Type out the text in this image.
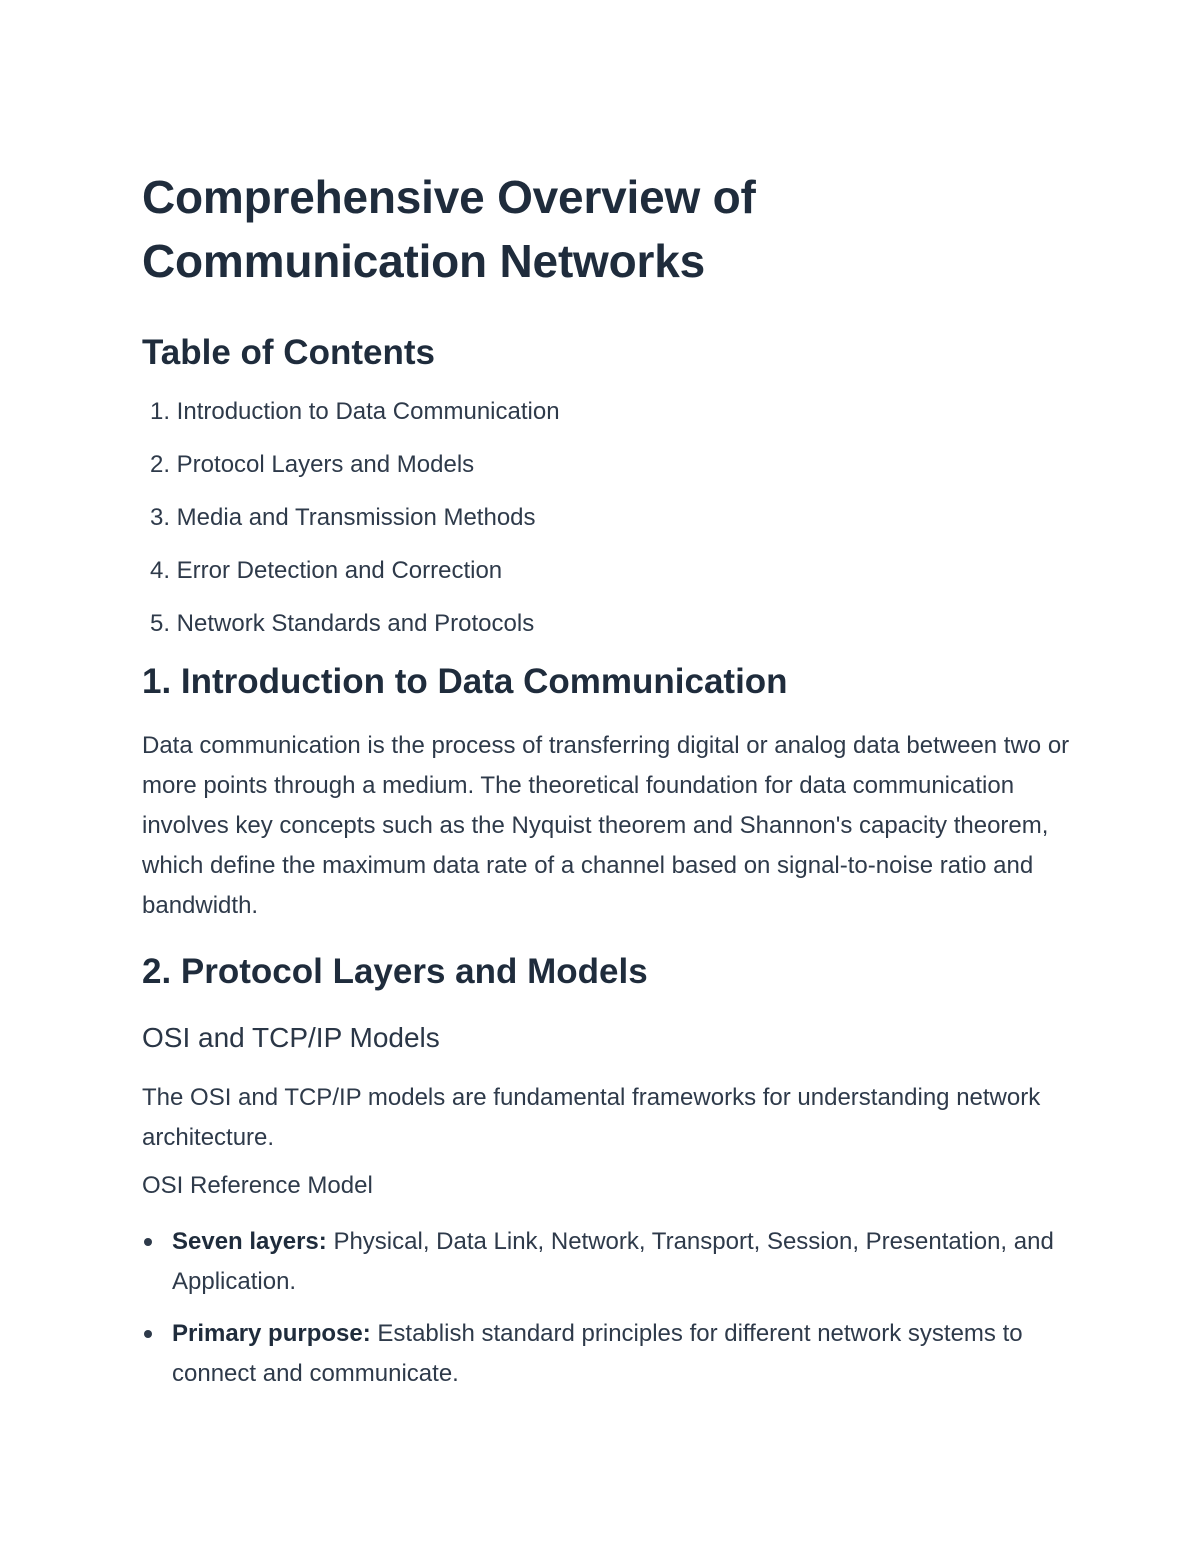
Comprehensive Overview of Communication Networks
Table of Contents
1. Introduction to Data Communication
2. Protocol Layers and Models
3. Media and Transmission Methods
4. Error Detection and Correction
5. Network Standards and Protocols
1. Introduction to Data Communication

Data communication is the process of transferring digital or analog data between two or more points through a medium. The theoretical foundation for data communication involves key concepts such as the Nyquist theorem and Shannon's capacity theorem, which define the maximum data rate of a channel based on signal-to-noise ratio and bandwidth.

2. Protocol Layers and Models
OSI and TCP/IP Models

The OSI and TCP/IP models are fundamental frameworks for understanding network architecture.

OSI Reference Model
Seven layers: Physical, Data Link, Network, Transport, Session, Presentation, and Application.
Primary purpose: Establish standard principles for different network systems to connect and communicate.
